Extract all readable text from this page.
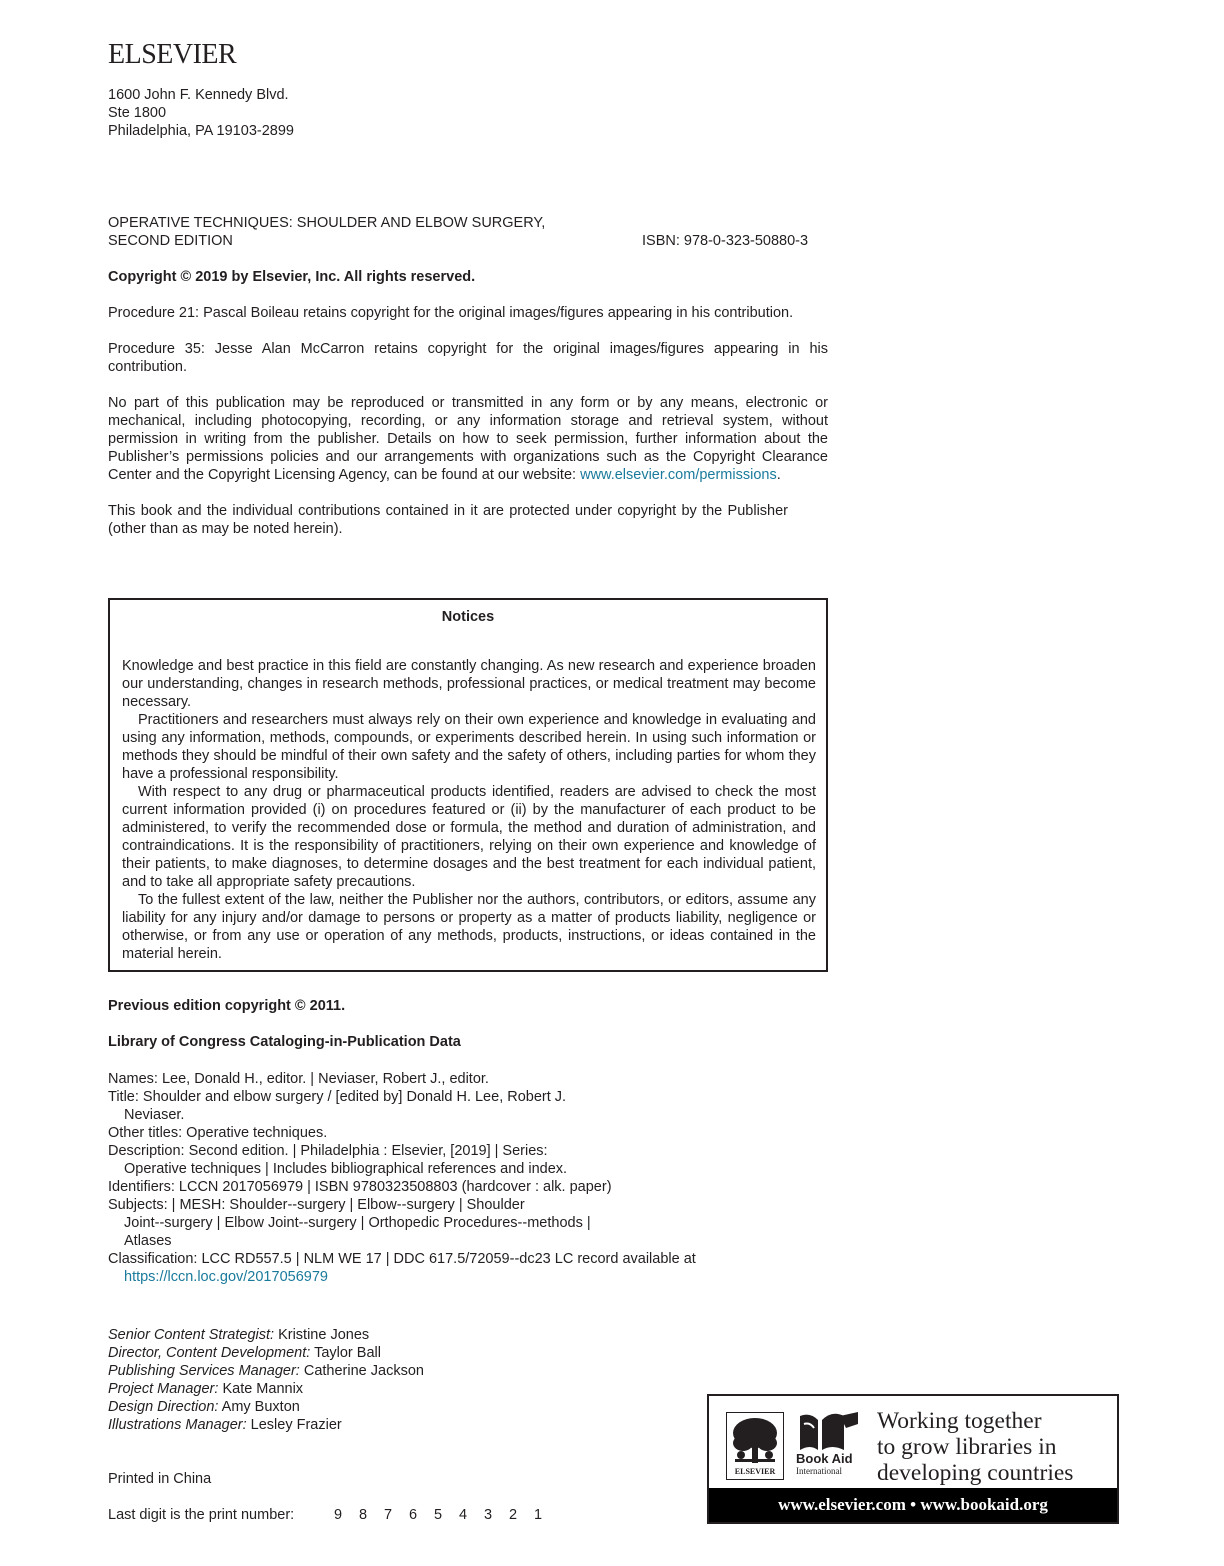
ELSEVIER
1600 John F. Kennedy Blvd.
Ste 1800
Philadelphia, PA 19103-2899
OPERATIVE TECHNIQUES: SHOULDER AND ELBOW SURGERY,
SECOND EDITION	ISBN: 978-0-323-50880-3
Copyright © 2019 by Elsevier, Inc. All rights reserved.
Procedure 21: Pascal Boileau retains copyright for the original images/figures appearing in his contribution.
Procedure 35: Jesse Alan McCarron retains copyright for the original images/figures appearing in his contribution.
No part of this publication may be reproduced or transmitted in any form or by any means, electronic or mechanical, including photocopying, recording, or any information storage and retrieval system, without permission in writing from the publisher. Details on how to seek permission, further information about the Publisher’s permissions policies and our arrangements with organizations such as the Copyright Clearance Center and the Copyright Licensing Agency, can be found at our website: www.elsevier.com/permissions.
This book and the individual contributions contained in it are protected under copyright by the Publisher (other than as may be noted herein).
Notices

Knowledge and best practice in this field are constantly changing. As new research and experience broaden our understanding, changes in research methods, professional practices, or medical treatment may become necessary.

Practitioners and researchers must always rely on their own experience and knowledge in evaluating and using any information, methods, compounds, or experiments described herein. In using such information or methods they should be mindful of their own safety and the safety of others, including parties for whom they have a professional responsibility.

With respect to any drug or pharmaceutical products identified, readers are advised to check the most current information provided (i) on procedures featured or (ii) by the manufacturer of each product to be administered, to verify the recommended dose or formula, the method and duration of administration, and contraindications. It is the responsibility of practitioners, relying on their own experience and knowledge of their patients, to make diagnoses, to determine dosages and the best treatment for each individual patient, and to take all appropriate safety precautions.

To the fullest extent of the law, neither the Publisher nor the authors, contributors, or editors, assume any liability for any injury and/or damage to persons or property as a matter of products liability, negligence or otherwise, or from any use or operation of any methods, products, instructions, or ideas contained in the material herein.

Previous edition copyright © 2011.
Library of Congress Cataloging-in-Publication Data
Names: Lee, Donald H., editor. | Neviaser, Robert J., editor.
Title: Shoulder and elbow surgery / [edited by] Donald H. Lee, Robert J.
Neviaser.
Other titles: Operative techniques.
Description: Second edition. | Philadelphia : Elsevier, [2019] | Series:
Operative techniques | Includes bibliographical references and index.
Identifiers: LCCN 2017056979 | ISBN 9780323508803 (hardcover : alk. paper)
Subjects: | MESH: Shoulder--surgery | Elbow--surgery | Shoulder
Joint--surgery | Elbow Joint--surgery | Orthopedic Procedures--methods |
Atlases
Classification: LCC RD557.5 | NLM WE 17 | DDC 617.5/72059--dc23 LC record available at
https://lccn.loc.gov/2017056979
Senior Content Strategist: Kristine Jones
Director, Content Development: Taylor Ball
Publishing Services Manager: Catherine Jackson
Project Manager: Kate Mannix
Design Direction: Amy Buxton
Illustrations Manager: Lesley Frazier
Printed in China
Last digit is the print number:	9 8 7 6 5 4 3 2 1
ELSEVIER
Book Aid
International
Working together
to grow libraries in
developing countries
www.elsevier.com • www.bookaid.org
